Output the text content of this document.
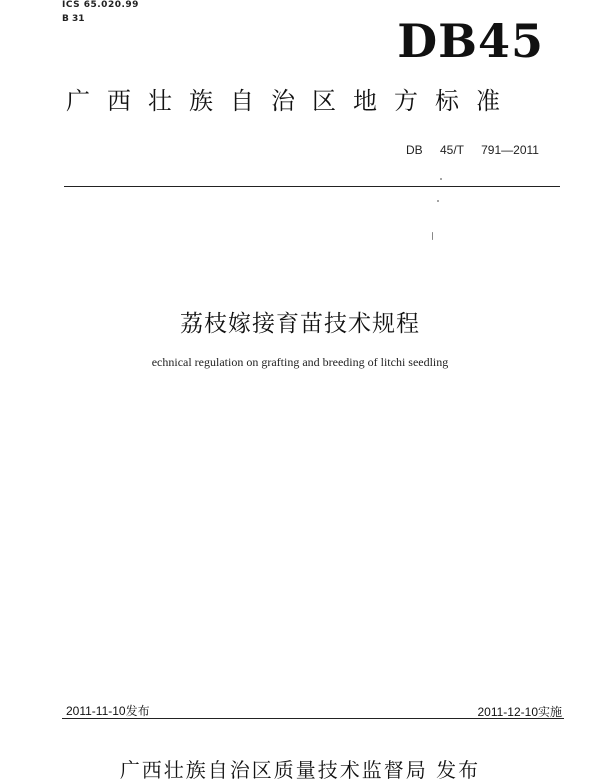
ICS 65.020.99
B 31	DB45
广西壮族自治区地方标准
DB 45/T 791—2011
荔枝嫁接育苗技术规程
echnical regulation on grafting and breeding of litchi seedling
2011-11-10发布	2011-12-10实施
广西壮族自治区质量技术监督局 发布
